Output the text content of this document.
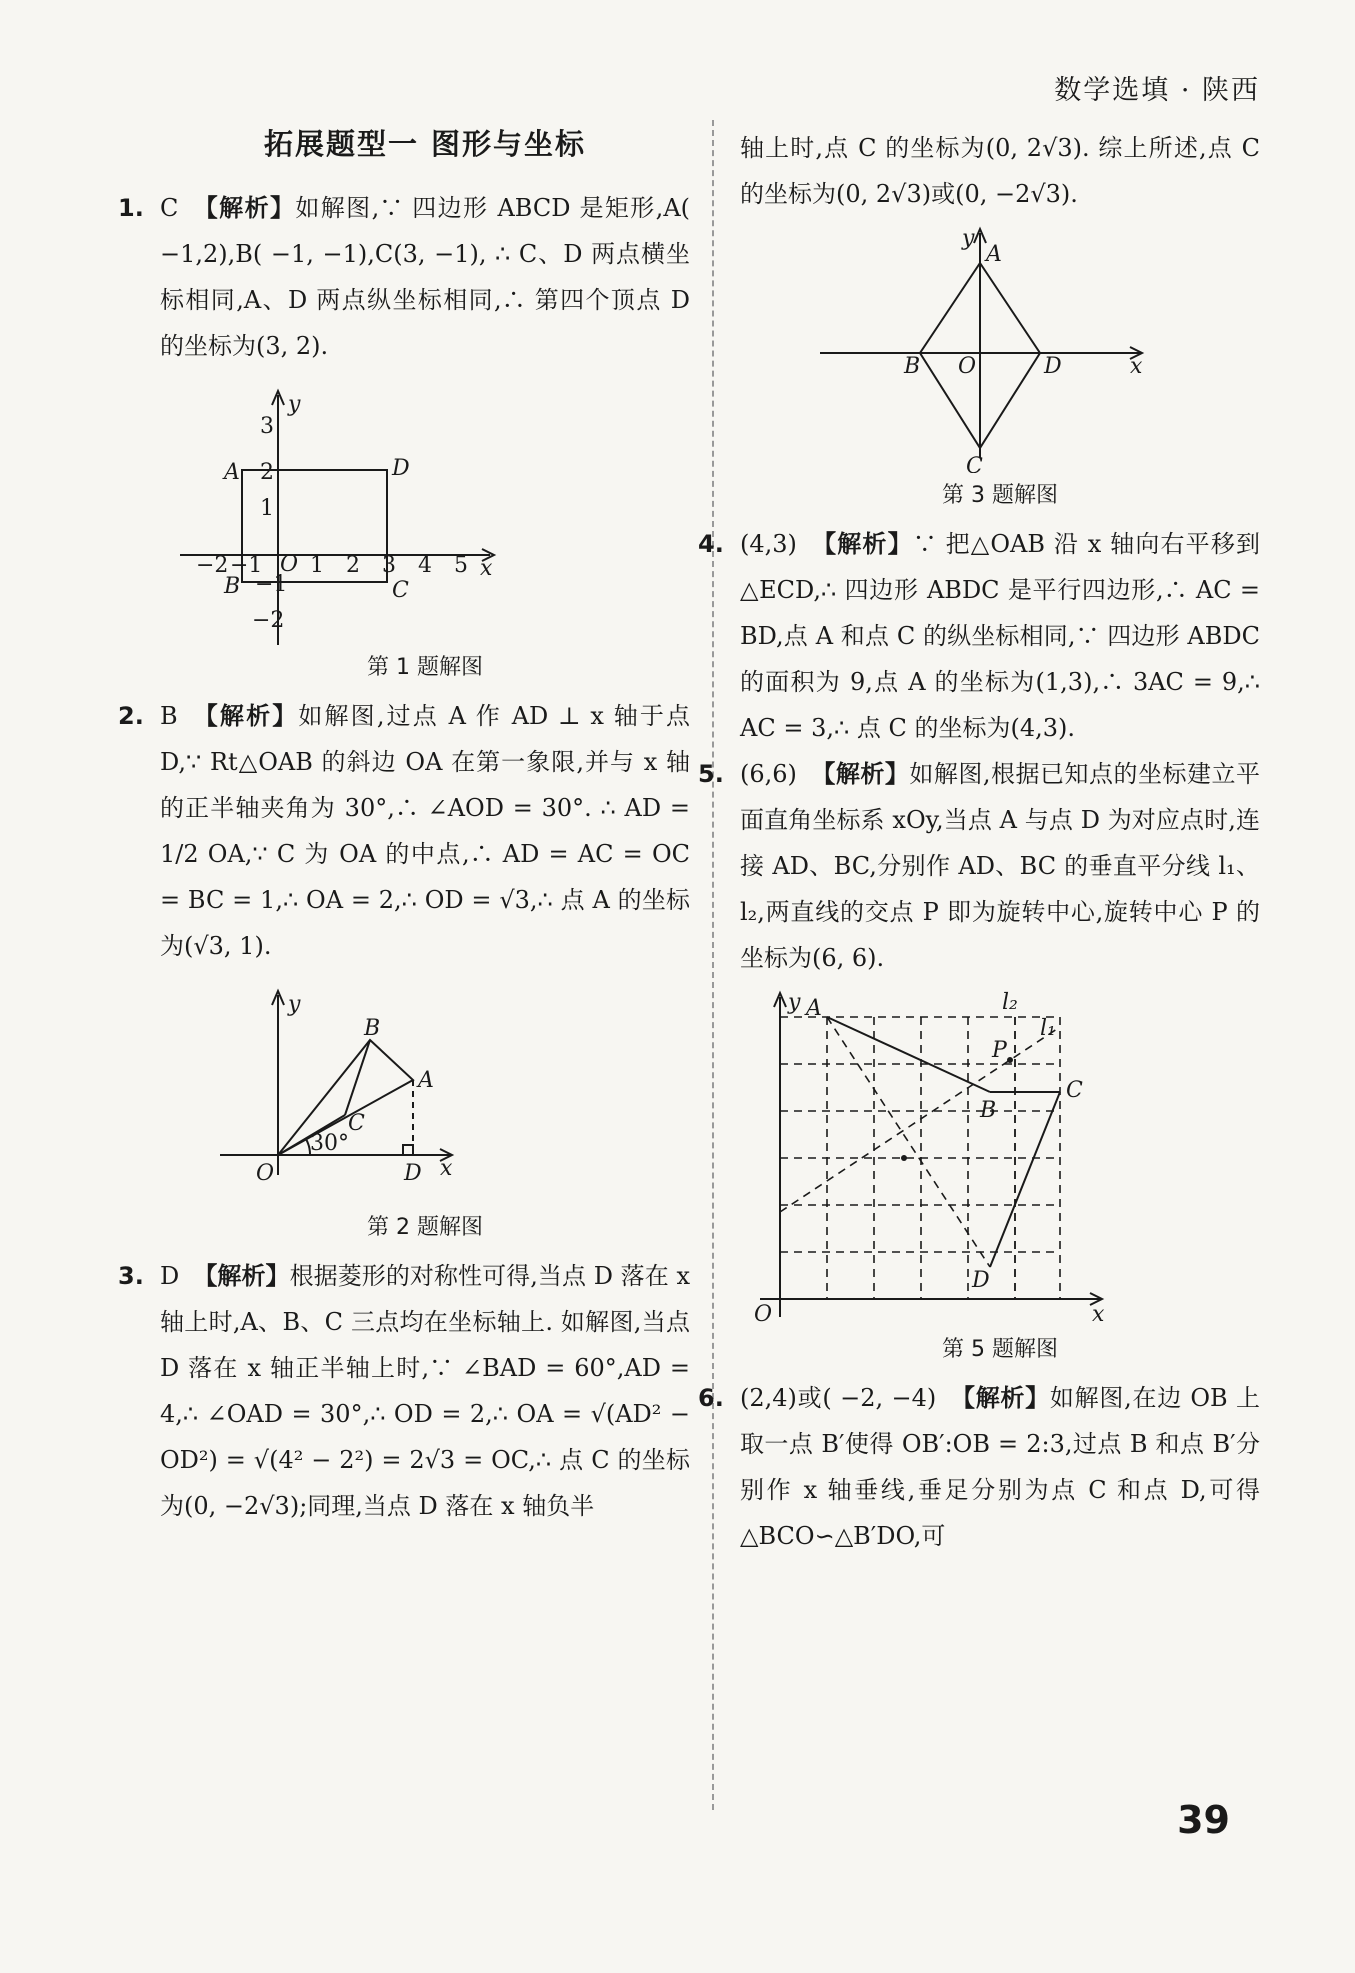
数学选填 · 陕西
拓展题型一 图形与坐标
1. C 【解析】如解图,∵ 四边形 ABCD 是矩形,A( −1,2),B( −1, −1),C(3, −1), ∴ C、D 两点横坐标相同,A、D 两点纵坐标相同,∴ 第四个顶点 D 的坐标为(3, 2).
−2 −1 1 2 3 4 5
3
2
1
−1
−2
A
B	C
D
O	x
y
第 1 题解图
2. B 【解析】如解图,过点 A 作 AD ⊥ x 轴于点 D,∵ Rt△OAB 的斜边 OA 在第一象限,并与 x 轴的正半轴夹角为 30°,∴ ∠AOD = 30°. ∴ AD = 1/2 OA,∵ C 为 OA 的中点,∴ AD = AC = OC = BC = 1,∴ OA = 2,∴ OD = √3,∴ 点 A 的坐标为(√3, 1).
B
A
C
D
O	x
y
30°
第 2 题解图
3. D 【解析】根据菱形的对称性可得,当点 D 落在 x 轴上时,A、B、C 三点均在坐标轴上. 如解图,当点 D 落在 x 轴正半轴上时,∵ ∠BAD = 60°,AD = 4,∴ ∠OAD = 30°,∴ OD = 2,∴ OA = √(AD² − OD²) = √(4² − 2²) = 2√3 = OC,∴ 点 C 的坐标为(0, −2√3);同理,当点 D 落在 x 轴负半
轴上时,点 C 的坐标为(0, 2√3). 综上所述,点 C 的坐标为(0, 2√3)或(0, −2√3).
A
B
C
D
O	x
y
第 3 题解图
4. (4,3) 【解析】∵ 把△OAB 沿 x 轴向右平移到△ECD,∴ 四边形 ABDC 是平行四边形,∴ AC = BD,点 A 和点 C 的纵坐标相同,∵ 四边形 ABDC 的面积为 9,点 A 的坐标为(1,3),∴ 3AC = 9,∴ AC = 3,∴ 点 C 的坐标为(4,3).
5. (6,6) 【解析】如解图,根据已知点的坐标建立平面直角坐标系 xOy,当点 A 与点 D 为对应点时,连接 AD、BC,分别作 AD、BC 的垂直平分线 l₁、l₂,两直线的交点 P 即为旋转中心,旋转中心 P 的坐标为(6, 6).
A
B
C
D
P
O	x
y
l₁
l₂
第 5 题解图
6. (2,4)或( −2, −4) 【解析】如解图,在边 OB 上取一点 B′使得 OB′:OB = 2:3,过点 B 和点 B′分别作 x 轴垂线,垂足分别为点 C 和点 D,可得△BCO∽△B′DO,可
39
